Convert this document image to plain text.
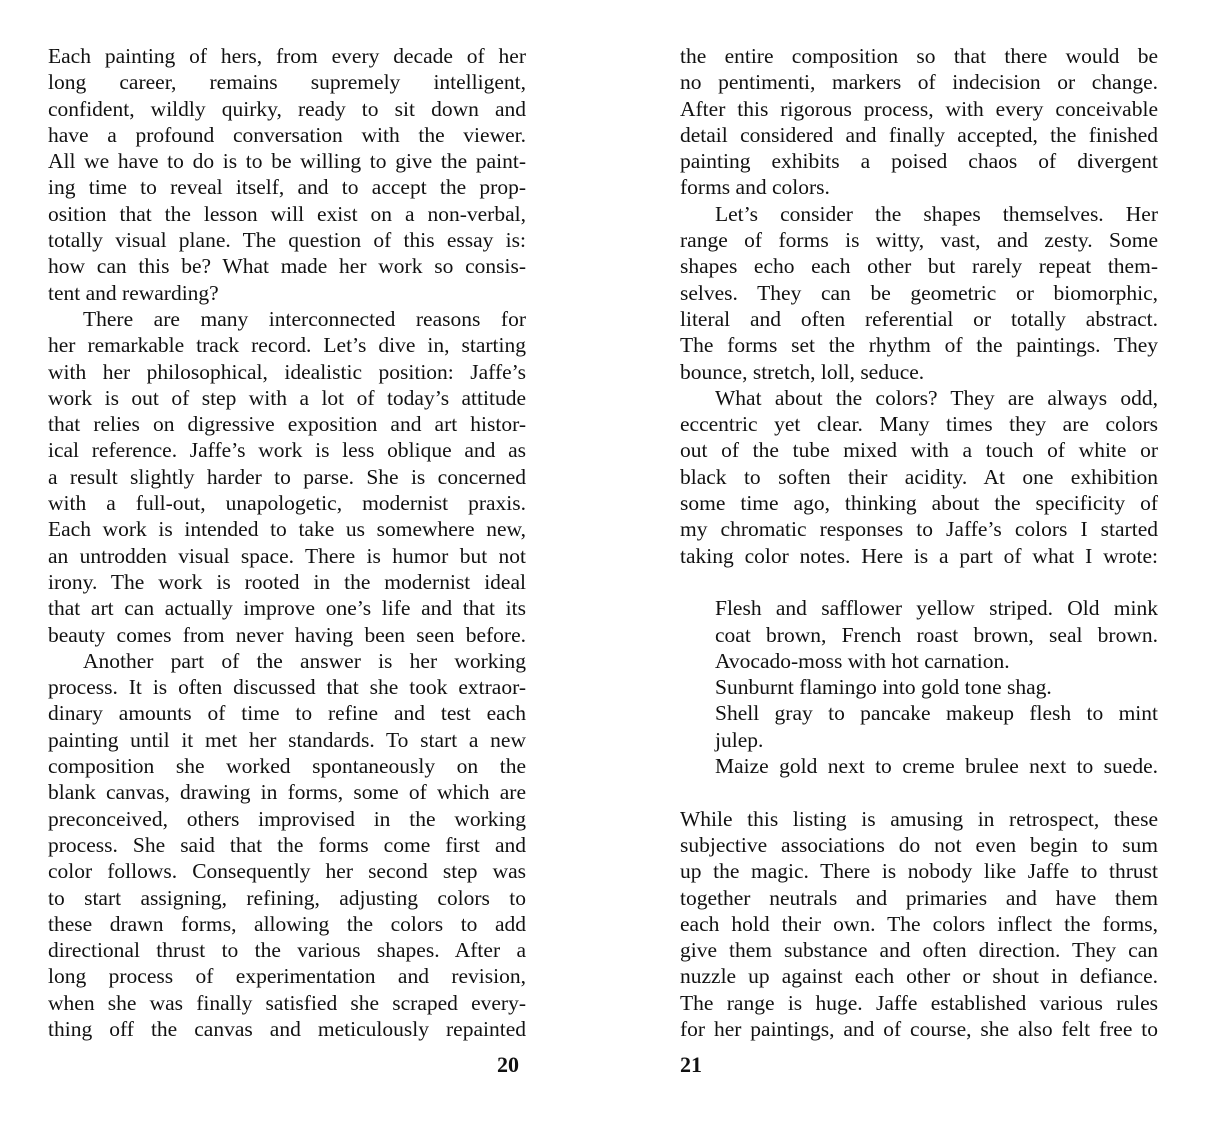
Each painting of hers, from every decade of her
long career, remains supremely intelligent,
confident, wildly quirky, ready to sit down and
have a profound conversation with the viewer.
All we have to do is to be willing to give the paint-
ing time to reveal itself, and to accept the prop-
osition that the lesson will exist on a non-verbal,
totally visual plane. The question of this essay is:
how can this be? What made her work so consis-
tent and rewarding?
There are many interconnected reasons for
her remarkable track record. Let’s dive in, starting
with her philosophical, idealistic position: Jaffe’s
work is out of step with a lot of today’s attitude
that relies on digressive exposition and art histor-
ical reference. Jaffe’s work is less oblique and as
a result slightly harder to parse. She is concerned
with a full-out, unapologetic, modernist praxis.
Each work is intended to take us somewhere new,
an untrodden visual space. There is humor but not
irony. The work is rooted in the modernist ideal
that art can actually improve one’s life and that its
beauty comes from never having been seen before.
Another part of the answer is her working
process. It is often discussed that she took extraor-
dinary amounts of time to refine and test each
painting until it met her standards. To start a new
composition she worked spontaneously on the
blank canvas, drawing in forms, some of which are
preconceived, others improvised in the working
process. She said that the forms come first and
color follows. Consequently her second step was
to start assigning, refining, adjusting colors to
these drawn forms, allowing the colors to add
directional thrust to the various shapes. After a
long process of experimentation and revision,
when she was finally satisfied she scraped every-
thing off the canvas and meticulously repainted
20
the entire composition so that there would be
no pentimenti, markers of indecision or change.
After this rigorous process, with every conceivable
detail considered and finally accepted, the finished
painting exhibits a poised chaos of divergent
forms and colors.
Let’s consider the shapes themselves. Her
range of forms is witty, vast, and zesty. Some
shapes echo each other but rarely repeat them-
selves. They can be geometric or biomorphic,
literal and often referential or totally abstract.
The forms set the rhythm of the paintings. They
bounce, stretch, loll, seduce.
What about the colors? They are always odd,
eccentric yet clear. Many times they are colors
out of the tube mixed with a touch of white or
black to soften their acidity. At one exhibition
some time ago, thinking about the specificity of
my chromatic responses to Jaffe’s colors I started
taking color notes. Here is a part of what I wrote:
Flesh and safflower yellow striped. Old mink
coat brown, French roast brown, seal brown.
Avocado-moss with hot carnation.
Sunburnt flamingo into gold tone shag.
Shell gray to pancake makeup flesh to mint
julep.
Maize gold next to creme brulee next to suede.
While this listing is amusing in retrospect, these
subjective associations do not even begin to sum
up the magic. There is nobody like Jaffe to thrust
together neutrals and primaries and have them
each hold their own. The colors inflect the forms,
give them substance and often direction. They can
nuzzle up against each other or shout in defiance.
The range is huge. Jaffe established various rules
for her paintings, and of course, she also felt free to
21
